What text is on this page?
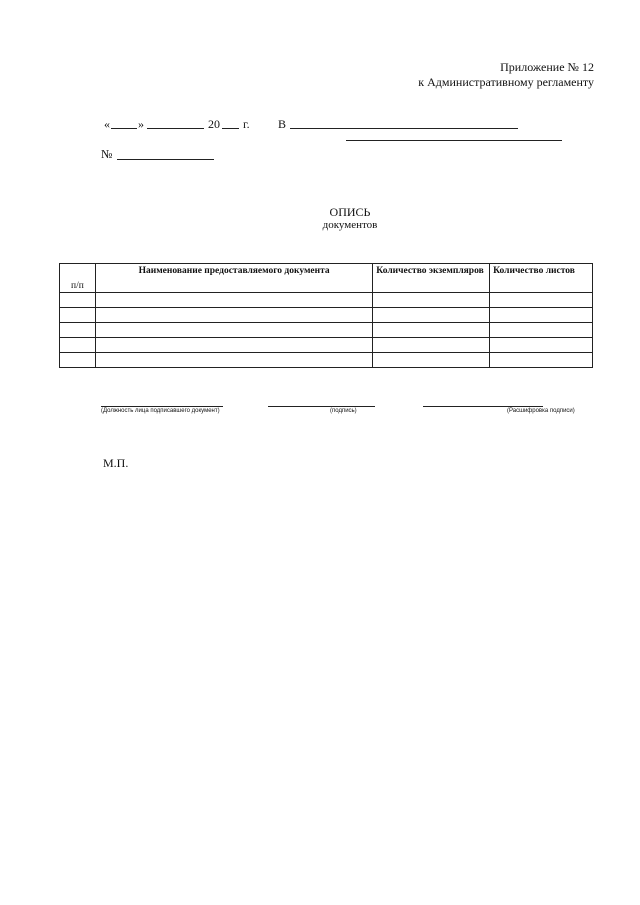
Приложение № 12
к Административному регламенту
« »	20 г. В
№
ОПИСЬ
документов
п/п	Наименование предоставляемого документа	Количество экземпляров	Количество листов

(Должность лица подписавшего документ)	(подпись)	(Расшифровка подписи)
М.П.
